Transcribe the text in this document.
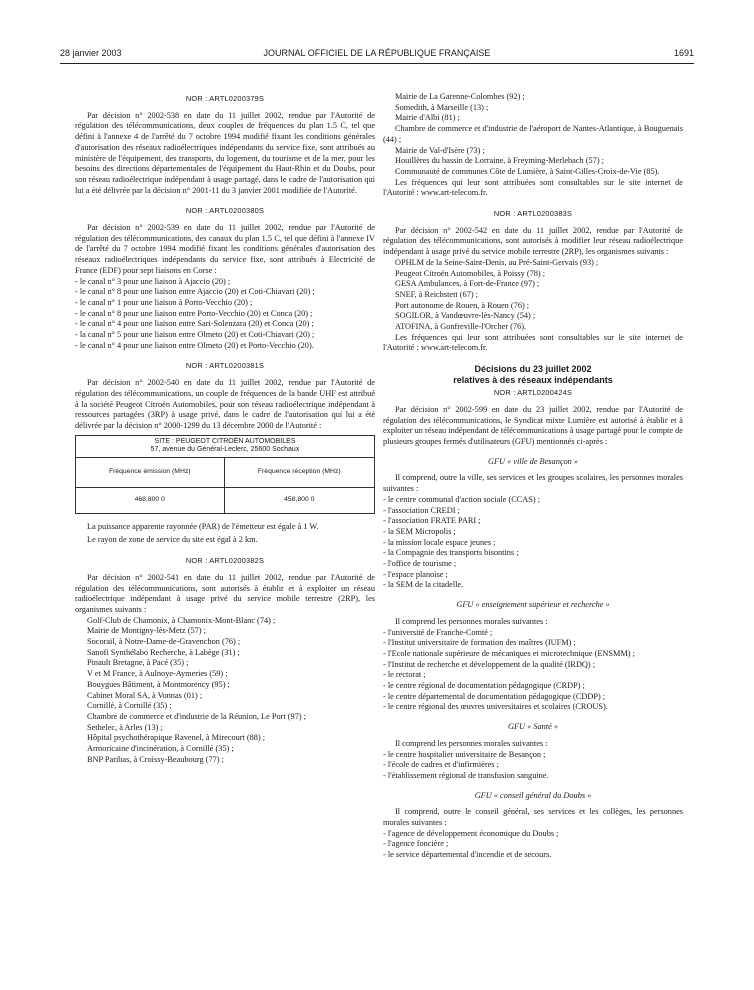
28 janvier 2003	JOURNAL OFFICIEL DE LA RÉPUBLIQUE FRANÇAISE	1691
NOR : ARTL0200379S

Par décision n° 2002-538 en date du 11 juillet 2002, rendue par l'Autorité de régulation des télécommunications, deux couples de fréquences du plan 1.5 C, tel que défini à l'annexe 4 de l'arrêté du 7 octobre 1994 modifié fixant les conditions générales d'autorisation des réseaux radioélectriques indépendants du service fixe, sont attribués au ministère de l'équipement, des transports, du logement, du tourisme et de la mer, pour les besoins des directions départementales de l'équipement du Haut-Rhin et du Doubs, pour son réseau radioélectrique indépendant à usage partagé, dans le cadre de l'autorisation qui lui a été délivrée par la décision n° 2001-11 du 3 janvier 2001 modifiée de l'Autorité.

NOR : ARTL0200380S

Par décision n° 2002-539 en date du 11 juillet 2002, rendue par l'Autorité de régulation des télécommunications, des canaux du plan 1.5 C, tel que défini à l'annexe IV de l'arrêté du 7 octobre 1994 modifié fixant les conditions générales d'autorisation des réseaux radioélectriques indépendants du service fixe, sont attribués à Electricité de France (EDF) pour sept liaisons en Corse :

- le canal n° 3 pour une liaison à Ajaccio (20) ;
- le canal n° 8 pour une liaison entre Ajaccio (20) et Coti-Chiavari (20) ;
- le canal n° 1 pour une liaison à Porto-Vecchio (20) ;
- le canal n° 8 pour une liaison entre Porto-Vecchio (20) et Conca (20) ;
- le canal n° 4 pour une liaison entre Sari-Solenzara (20) et Conca (20) ;
- la canal n° 5 pour une liaison entre Olmeto (20) et Coti-Chiavari (20) ;
- le canal n° 4 pour une liaison entre Olmeto (20) et Porto-Vecchio (20).
NOR : ARTL0200381S

Par décision n° 2002-540 en date du 11 juillet 2002, rendue par l'Autorité de régulation des télécommunications, un couple de fréquences de la bande UHF est attribué à la société Peugeot Citroën Automobiles, pour son réseau radioélectrique indépendant à ressources partagées (3RP) à usage privé, dans le cadre de l'autorisation qui lui a été délivrée par la décision n° 2000-1299 du 13 décembre 2000 de l'Autorité :

SITE : PEUGEOT CITROËN AUTOMOBILES
57, avenue du Général-Leclerc, 25600 Sochaux	

Fréquence émission (MHz)	Fréquence réception (MHz)
468,800 0	458,800 0

La puissance apparente rayonnée (PAR) de l'émetteur est égale à 1 W.

Le rayon de zone de service du site est égal à 2 km.

NOR : ARTL0200382S

Par décision n° 2002-541 en date du 11 juillet 2002, rendue par l'Autorité de régulation des télécommunications, sont autorisés à établir et à exploiter un réseau radioélectrique indépendant à usage privé du service mobile terrestre (2RP), les organismes suivants :

Golf-Club de Chamonix, à Chamonix-Mont-Blanc (74) ;
Mairie de Montigny-lès-Metz (57) ;
Socorail, à Notre-Dame-de-Gravenchon (76) ;
Sanofi Synthélabo Recherche, à Labège (31) ;
Pinault Bretagne, à Pacé (35) ;
V et M France, à Aulnoye-Aymeries (59) ;
Bouygues Bâtiment, à Montmorency (95) ;
Cabinet Moral SA, à Vonnas (01) ;
Cornillé, à Cornillé (35) ;
Chambre de commerce et d'industrie de la Réunion, Le Port (97) ;
Sethelec, à Arles (13) ;
Hôpital psychothérapique Ravenel, à Mirecourt (88) ;
Armoricaine d'incinération, à Cornillé (35) ;
BNP Paribas, à Croissy-Beaubourg (77) ;
Mairie de La Garenne-Colombes (92) ;
Somedith, à Marseille (13) ;
Mairie d'Albi (81) ;
Chambre de commerce et d'industrie de l'aéroport de Nantes-Atlantique, à Bouguenais (44) ;
Mairie de Val-d'Isère (73) ;
Houillères du bassin de Lorraine, à Freyming-Merlebach (57) ;
Communauté de communes Côte de Lumière, à Saint-Gilles-Croix-de-Vie (85).

Les fréquences qui leur sont attribuées sont consultables sur le site internet de l'Autorité : www.art-telecom.fr.

NOR : ARTL0200383S

Par décision n° 2002-542 en date du 11 juillet 2002, rendue par l'Autorité de régulation des télécommunications, sont autorisés à modifier leur réseau radioélectrique indépendant à usage privé du service mobile terrestre (2RP), les organismes suivants :

OPHLM de la Seine-Saint-Denis, au Pré-Saint-Gervais (93) ;
Peugeot Citroën Automobiles, à Poissy (78) ;
GESA Ambulances, à Fort-de-France (97) ;
SNEF, à Reichstett (67) ;
Port autonome de Rouen, à Rouen (76) ;
SOGILOR, à Vandœuvre-lès-Nancy (54) ;
ATOFINA, à Gonfreville-l'Orcher (76).

Les fréquences qui leur sont attribuées sont consultables sur le site internet de l'Autorité : www.art-telecom.fr.

Décisions du 23 juillet 2002
relatives à des réseaux indépendants
NOR : ARTL0200424S

Par décision n° 2002-599 en date du 23 juillet 2002, rendue par l'Autorité de régulation des télécommunications, le Syndicat mixte Lumière est autorisé à établir et à exploiter un réseau indépendant de télécommunications à usage partagé pour le compte de plusieurs groupes fermés d'utilisateurs (GFU) mentionnés ci-après :

GFU « ville de Besançon »

Il comprend, outre la ville, ses services et les groupes scolaires, les personnes morales suivantes :

- le centre communal d'action sociale (CCAS) ;
- l'association CREDI ;
- l'association FRATE PARI ;
- la SEM Micropolis ;
- la mission locale espace jeunes ;
- la Compagnie des transports bisontins ;
- l'office de tourisme ;
- l'espace planoise ;
- la SEM de la citadelle.
GFU « enseignement supérieur et recherche »

Il comprend les personnes morales suivantes :

- l'université de Franche-Comté ;
- l'Institut universitaire de formation des maîtres (IUFM) ;
- l'Ecole nationale supérieure de mécaniques et microtechnique (ENSMM) ;
- l'Institut de recherche et développement de la qualité (IRDQ) ;
- le rectorat ;
- le centre régional de documentation pédagogique (CRDP) ;
- le centre départemental de documentation pédagogique (CDDP) ;
- le centre régional des œuvres universitaires et scolaires (CROUS).
GFU « Santé »

Il comprend les personnes morales suivantes :

- le centre hospitalier universitaire de Besançon ;
- l'école de cadres et d'infirmières ;
- l'établissement régional de transfusion sanguine.
GFU « conseil général du Doubs »

Il comprend, outre le conseil général, ses services et les collèges, les personnes morales suivantes :

- l'agence de développement économique du Doubs ;
- l'agence foncière ;
- le service départemental d'incendie et de secours.
